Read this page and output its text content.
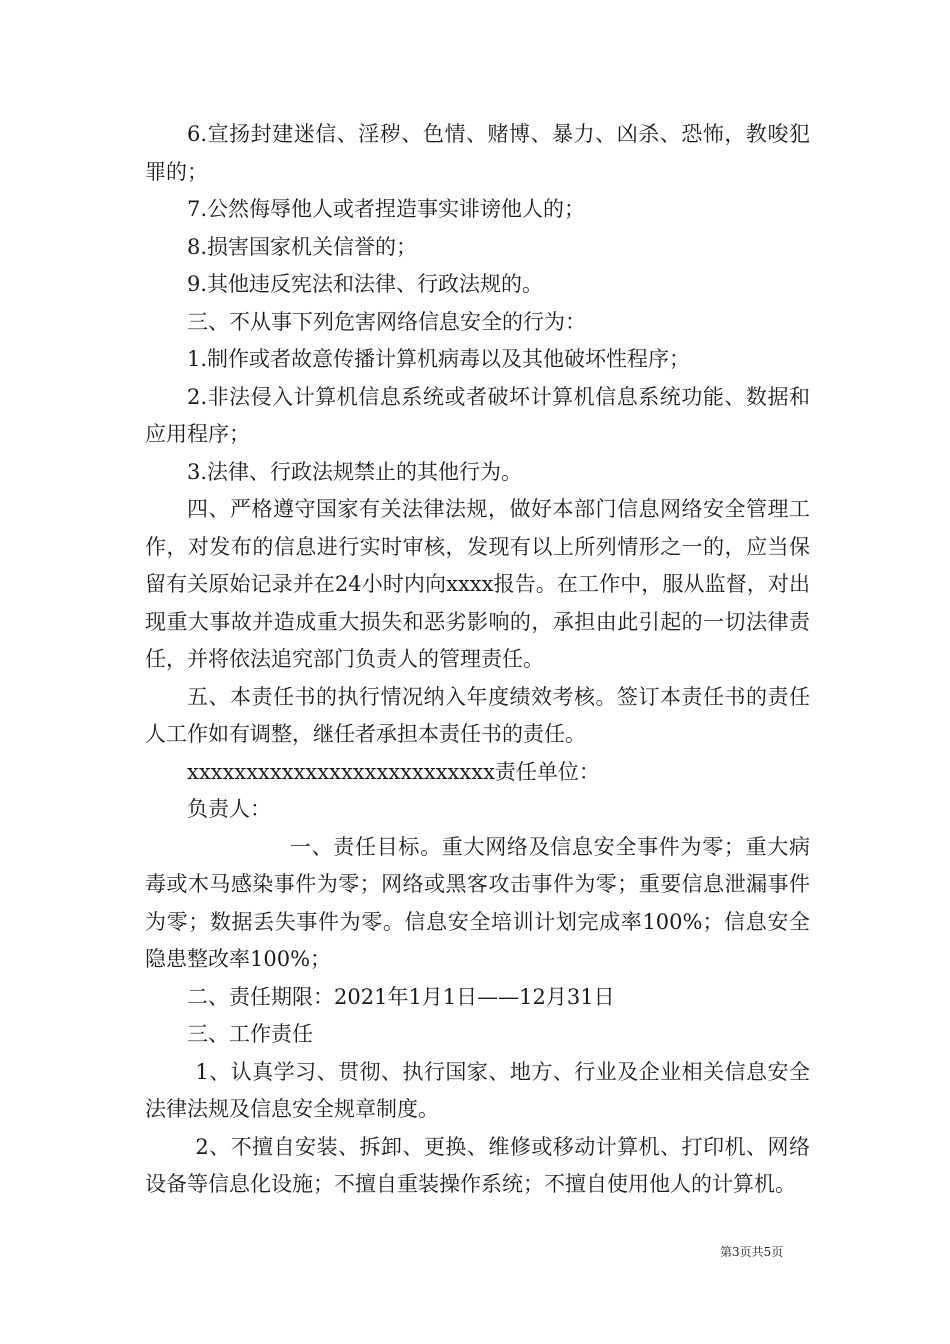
6.宣扬封建迷信、淫秽、色情、赌博、暴力、凶杀、恐怖，教唆犯罪的；

7.公然侮辱他人或者捏造事实诽谤他人的；

8.损害国家机关信誉的；

9.其他违反宪法和法律、行政法规的。

三、不从事下列危害网络信息安全的行为：

1.制作或者故意传播计算机病毒以及其他破坏性程序；

2.非法侵入计算机信息系统或者破坏计算机信息系统功能、数据和应用程序；

3.法律、行政法规禁止的其他行为。

四、严格遵守国家有关法律法规，做好本部门信息网络安全管理工作，对发布的信息进行实时审核，发现有以上所列情形之一的，应当保留有关原始记录并在24小时内向xxxx报告。在工作中，服从监督，对出现重大事故并造成重大损失和恶劣影响的，承担由此引起的一切法律责任，并将依法追究部门负责人的管理责任。

五、本责任书的执行情况纳入年度绩效考核。签订本责任书的责任人工作如有调整，继任者承担本责任书的责任。

xxxxxxxxxxxxxxxxxxxxxxxxxx责任单位：

负责人：

一、责任目标。重大网络及信息安全事件为零；重大病毒或木马感染事件为零；网络或黑客攻击事件为零；重要信息泄漏事件为零；数据丢失事件为零。信息安全培训计划完成率100%；信息安全隐患整改率100%；

二、责任期限：2021年1月1日——12月31日

三、工作责任

1、认真学习、贯彻、执行国家、地方、行业及企业相关信息安全法律法规及信息安全规章制度。

2、不擅自安装、拆卸、更换、维修或移动计算机、打印机、网络设备等信息化设施；不擅自重装操作系统；不擅自使用他人的计算机。

第3页共5页
